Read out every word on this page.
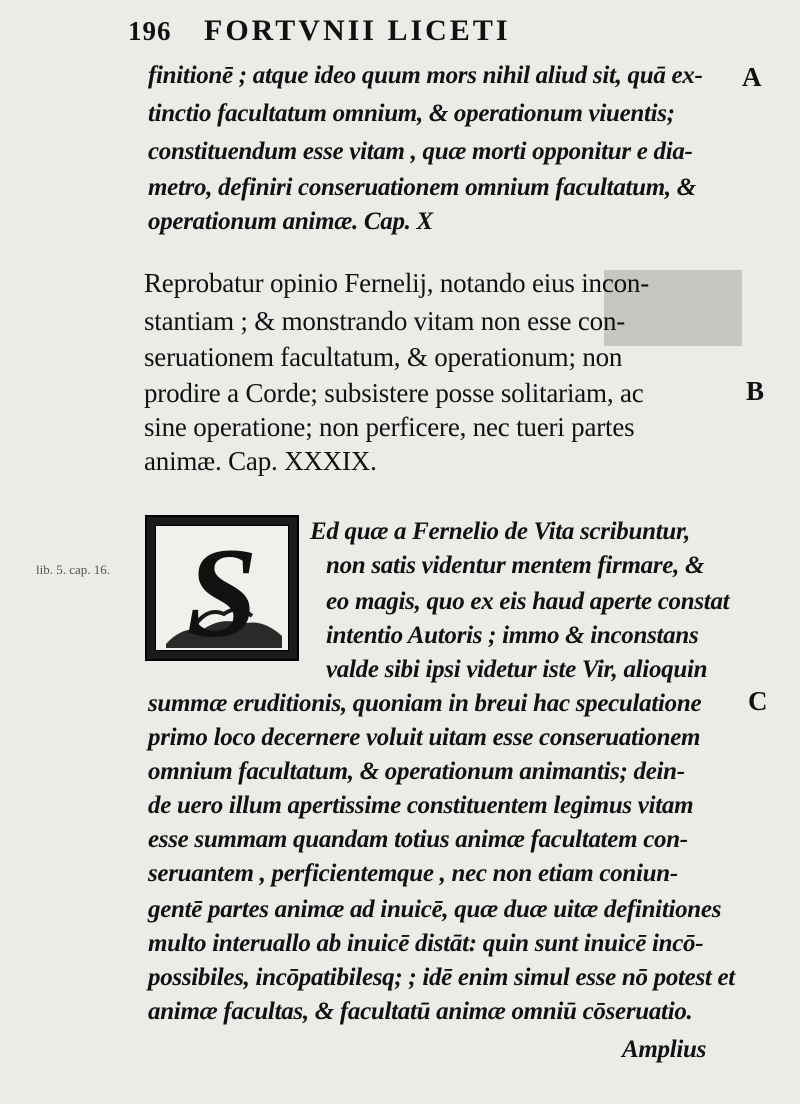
196 FORTVNII LICETI
A
B
C
lib. 5. cap. 16.
finitionē ; atque ideo quum mors nihil aliud sit, quā ex-
tinctio facultatum omnium, & operationum viuentis;
constituendum esse vitam , quæ morti opponitur e dia-
metro, definiri conseruationem omnium facultatum, &
operationum animæ. Cap. X
Reprobatur opinio Fernelij, notando eius incon-
stantiam ; & monstrando vitam non esse con-
seruationem facultatum, & operationum; non
prodire a Corde; subsistere posse solitariam, ac
sine operatione; non perficere, nec tueri partes
animæ. Cap. XXXIX.
S	Ed quæ a Fernelio de Vita scribuntur,
non satis videntur mentem firmare, &
eo magis, quo ex eis haud aperte constat
intentio Autoris ; immo & inconstans
valde sibi ipsi videtur iste Vir, alioquin
summæ eruditionis, quoniam in breui hac speculatione
primo loco decernere voluit uitam esse conseruationem
omnium facultatum, & operationum animantis; dein-
de uero illum apertissime constituentem legimus vitam
esse summam quandam totius animæ facultatem con-
seruantem , perficientemque , nec non etiam coniun-
gentē partes animæ ad inuicē, quæ duæ uitæ definitiones
multo interuallo ab inuicē distāt: quin sunt inuicē incō-
possibiles, incōpatibilesq; ; idē enim simul esse nō potest et
animæ facultas, & facultatū animæ omniū cōseruatio.
Amplius
